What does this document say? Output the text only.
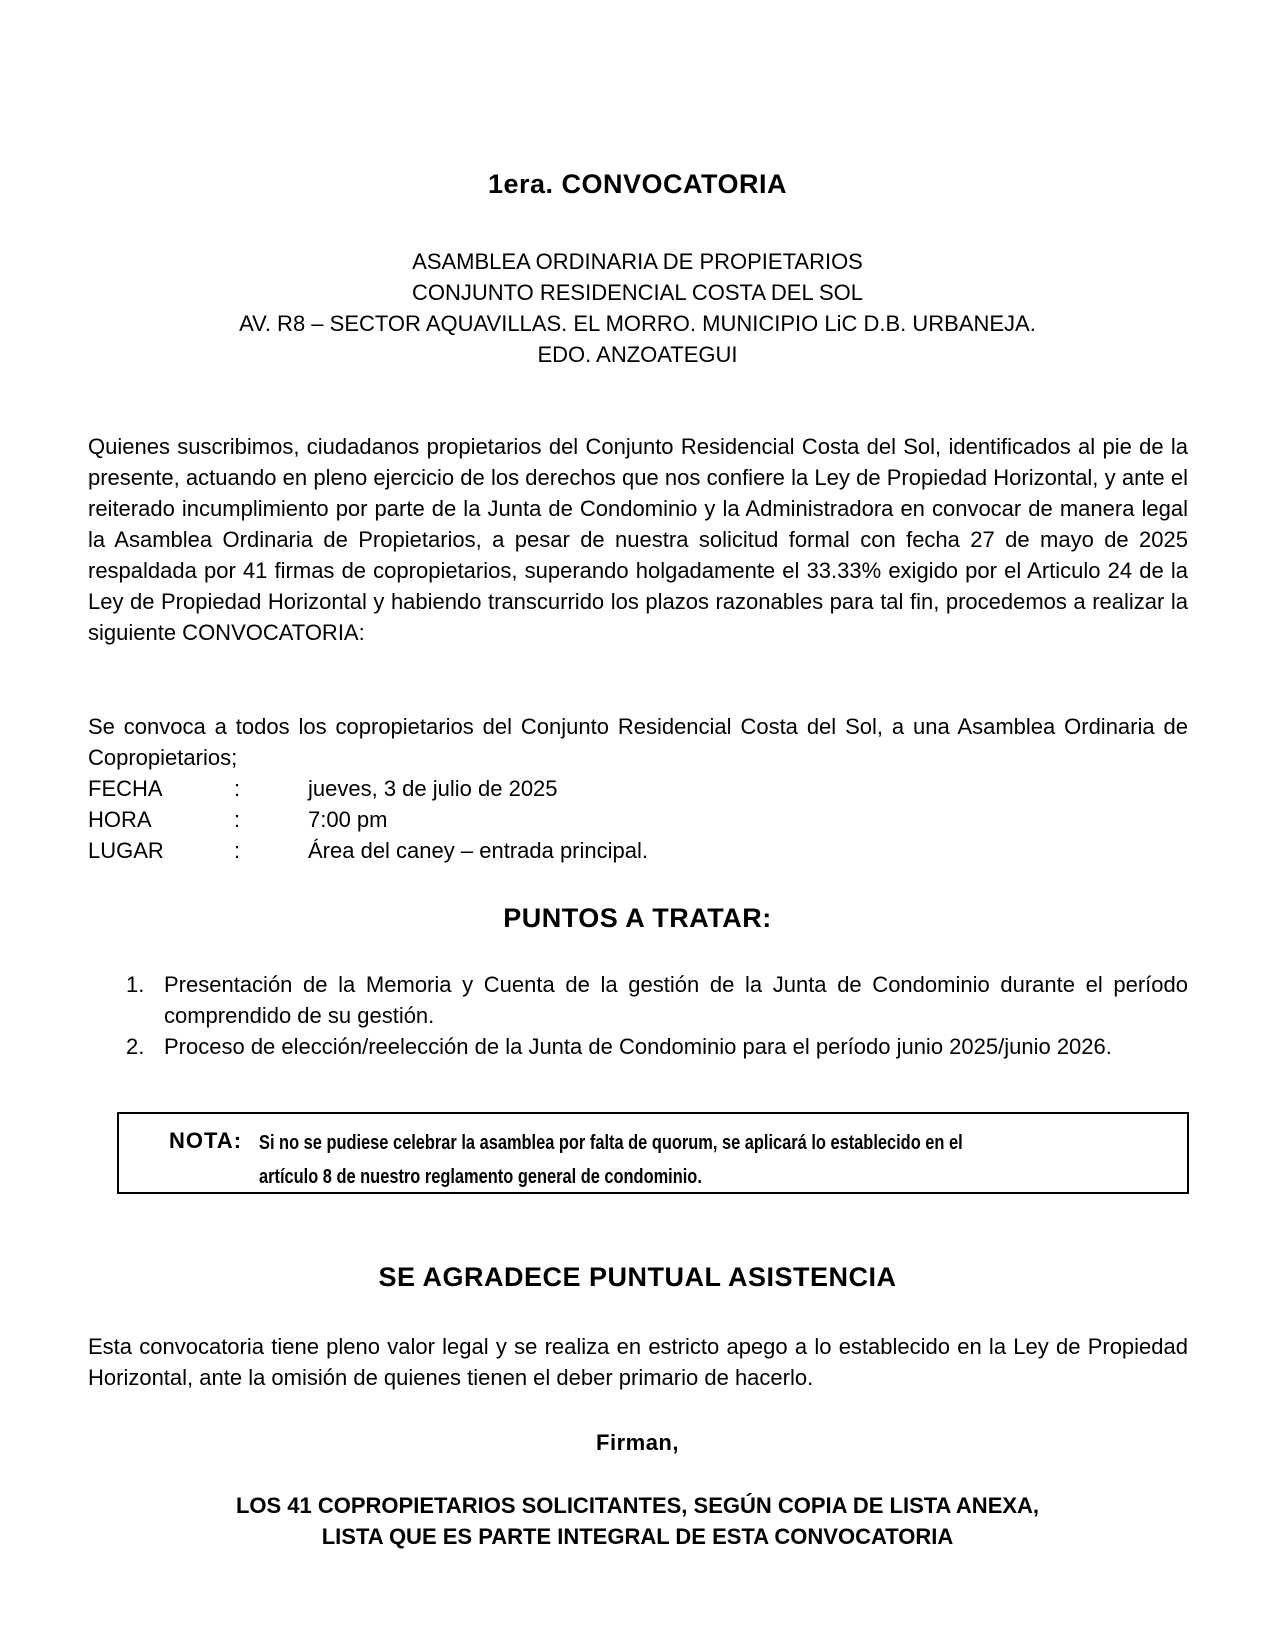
1era. CONVOCATORIA
ASAMBLEA ORDINARIA DE PROPIETARIOS
CONJUNTO RESIDENCIAL COSTA DEL SOL
AV. R8 – SECTOR AQUAVILLAS. EL MORRO. MUNICIPIO LiC D.B. URBANEJA.
EDO. ANZOATEGUI
Quienes suscribimos, ciudadanos propietarios del Conjunto Residencial Costa del Sol, identificados al pie de la presente, actuando en pleno ejercicio de los derechos que nos confiere la Ley de Propiedad Horizontal, y ante el reiterado incumplimiento por parte de la Junta de Condominio y la Administradora en convocar de manera legal la Asamblea Ordinaria de Propietarios, a pesar de nuestra solicitud formal con fecha 27 de mayo de 2025 respaldada por 41 firmas de copropietarios, superando holgadamente el 33.33% exigido por el Articulo 24 de la Ley de Propiedad Horizontal y habiendo transcurrido los plazos razonables para tal fin, procedemos a realizar la siguiente CONVOCATORIA:
Se convoca a todos los copropietarios del Conjunto Residencial Costa del Sol, a una Asamblea Ordinaria de Copropietarios;
FECHA	:	jueves, 3 de julio de 2025
HORA	:	7:00 pm
LUGAR	:	Área del caney – entrada principal.
PUNTOS A TRATAR:
1. Presentación de la Memoria y Cuenta de la gestión de la Junta de Condominio durante el período comprendido de su gestión.
2. Proceso de elección/reelección de la Junta de Condominio para el período junio 2025/junio 2026.
NOTA: Si no se pudiese celebrar la asamblea por falta de quorum, se aplicará lo establecido en el
artículo 8 de nuestro reglamento general de condominio.
SE AGRADECE PUNTUAL ASISTENCIA
Esta convocatoria tiene pleno valor legal y se realiza en estricto apego a lo establecido en la Ley de Propiedad Horizontal, ante la omisión de quienes tienen el deber primario de hacerlo.
Firman,
LOS 41 COPROPIETARIOS SOLICITANTES, SEGÚN COPIA DE LISTA ANEXA,
LISTA QUE ES PARTE INTEGRAL DE ESTA CONVOCATORIA
